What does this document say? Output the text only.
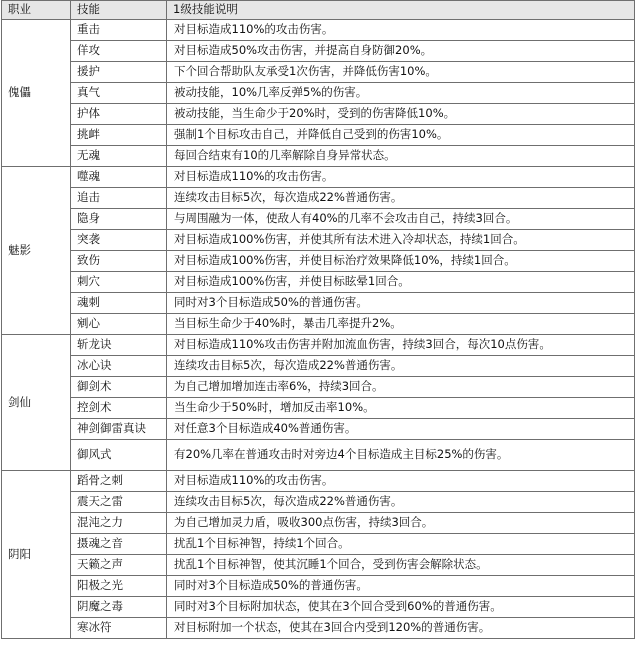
职业	技能	1级技能说明
傀儡	重击	对目标造成110%的攻击伤害。
	佯攻	对目标造成50%攻击伤害，并提高自身防御20%。
	援护	下个回合帮助队友承受1次伤害，并降低伤害10%。
	真气	被动技能，10%几率反弹5%的伤害。
	护体	被动技能，当生命少于20%时，受到的伤害降低10%。
	挑衅	强制1个目标攻击自己，并降低自己受到的伤害10%。
	无魂	每回合结束有10的几率解除自身异常状态。
魅影	噬魂	对目标造成110%的攻击伤害。
	追击	连续攻击目标5次，每次造成22%普通伤害。
	隐身	与周围融为一体，使敌人有40%的几率不会攻击自己，持续3回合。
	突袭	对目标造成100%伤害，并使其所有法术进入冷却状态，持续1回合。
	致伤	对目标造成100%伤害，并使目标治疗效果降低10%，持续1回合。
	刺穴	对目标造成100%伤害，并使目标眩晕1回合。
	魂刺	同时对3个目标造成50%的普通伤害。
	剜心	当目标生命少于40%时，暴击几率提升2%。
剑仙	斩龙诀	对目标造成110%攻击伤害并附加流血伤害，持续3回合，每次10点伤害。
	冰心诀	连续攻击目标5次，每次造成22%普通伤害。
	御剑术	为自己增加增加连击率6%，持续3回合。
	控剑术	当生命少于50%时，增加反击率10%。
	神剑御雷真诀	对任意3个目标造成40%普通伤害。
	御风式	有20%几率在普通攻击时对旁边4个目标造成主目标25%的伤害。
阴阳	蹈骨之刺	对目标造成110%的攻击伤害。
	震天之雷	连续攻击目标5次，每次造成22%普通伤害。
	混沌之力	为自己增加灵力盾，吸收300点伤害，持续3回合。
	摄魂之音	扰乱1个目标神智，持续1个回合。
	天籁之声	扰乱1个目标神智，使其沉睡1个回合，受到伤害会解除状态。
	阳极之光	同时对3个目标造成50%的普通伤害。
	阴魔之毒	同时对3个目标附加状态，使其在3个回合受到60%的普通伤害。
	寒冰符	对目标附加一个状态，使其在3回合内受到120%的普通伤害。
